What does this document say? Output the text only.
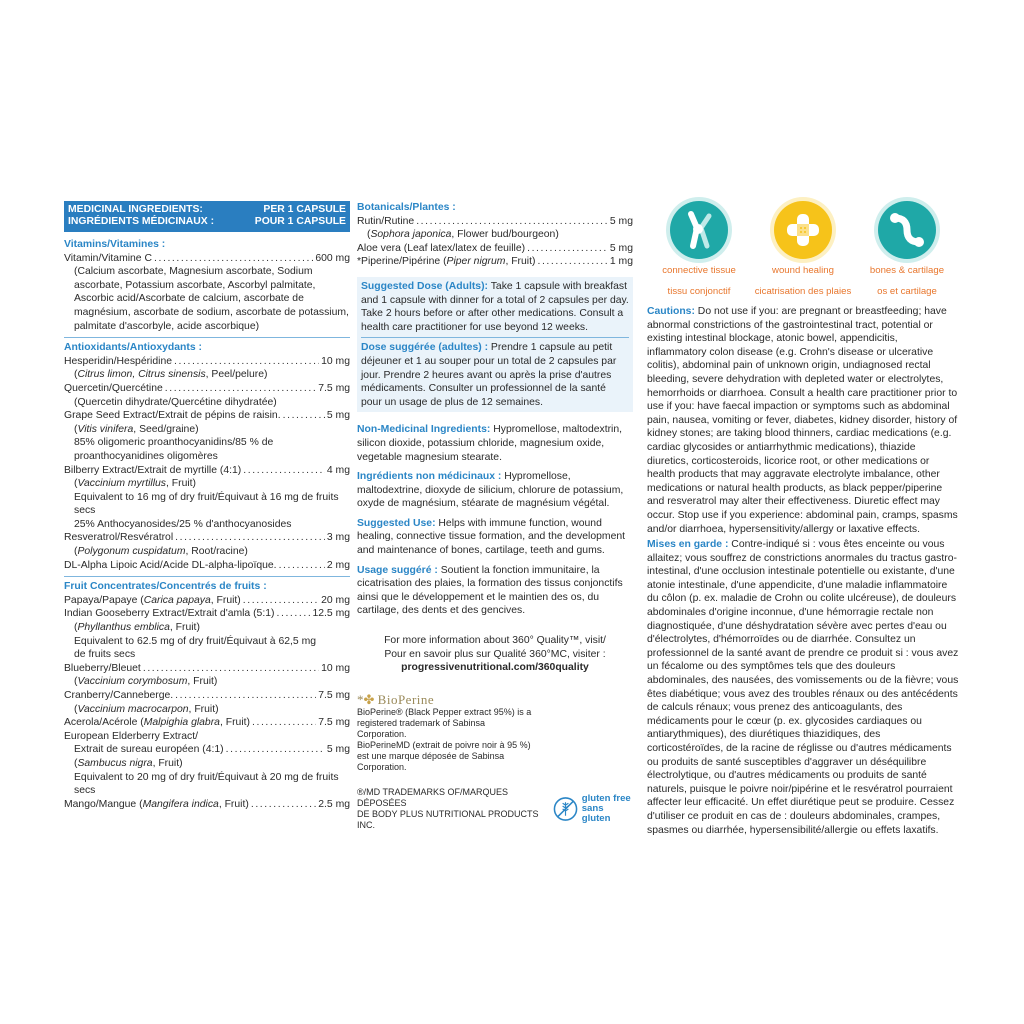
MEDICINAL INGREDIENTS:
INGRÉDIENTS MÉDICINAUX :
PER 1 CAPSULE
POUR 1 CAPSULE
Vitamins/Vitamines :
Vitamin/Vitamine C .....	600 mg
(Calcium ascorbate, Magnesium ascorbate, Sodium ascorbate, Potassium ascorbate, Ascorbyl palmitate, Ascorbic acid/Ascorbate de calcium, ascorbate de magnésium, ascorbate de sodium, ascorbate de potassium, palmitate d'ascorbyle, acide ascorbique)
Antioxidants/Antioxydants :
Hesperidin/Hespéridine .....	10 mg
(Citrus limon, Citrus sinensis, Peel/pelure)
Quercetin/Quercétine .....	7.5 mg
(Quercetin dihydrate/Quercétine dihydratée)
Grape Seed Extract/Extrait de pépins de raisin. .....	5 mg
(Vitis vinifera, Seed/graine)
85% oligomeric proanthocyanidins/85 % de proanthocyanidines oligomères
Bilberry Extract/Extrait de myrtille (4:1) .....	4 mg
(Vaccinium myrtillus, Fruit)
Equivalent to 16 mg of dry fruit/Équivaut à 16 mg de fruits secs
25% Anthocyanosides/25 % d'anthocyanosides
Resveratrol/Resvératrol .....	3 mg
(Polygonum cuspidatum, Root/racine)
DL-Alpha Lipoic Acid/Acide DL-alpha-lipoïque. .....	2 mg
Fruit Concentrates/Concentrés de fruits :
Papaya/Papaye (Carica papaya, Fruit) .....	20 mg
Indian Gooseberry Extract/Extrait d'amla (5:1) .....	12.5 mg
(Phyllanthus emblica, Fruit)
Equivalent to 62.5 mg of dry fruit/Équivaut à 62,5 mg
de fruits secs
Blueberry/Bleuet .....	10 mg
(Vaccinium corymbosum, Fruit)
Cranberry/Canneberge. .....	7.5 mg
(Vaccinium macrocarpon, Fruit)
Acerola/Acérole (Malpighia glabra, Fruit) .....	7.5 mg
European Elderberry Extract/
Extrait de sureau européen (4:1) .....	5 mg
(Sambucus nigra, Fruit)
Equivalent to 20 mg of dry fruit/Équivaut à 20 mg de fruits secs
Mango/Mangue (Mangifera indica, Fruit) .....	2.5 mg
Botanicals/Plantes :
Rutin/Rutine .....	5 mg
(Sophora japonica, Flower bud/bourgeon)
Aloe vera (Leaf latex/latex de feuille) .....	5 mg
*Piperine/Pipérine (Piper nigrum, Fruit) .....	1 mg
Suggested Dose (Adults): Take 1 capsule with breakfast and 1 capsule with dinner for a total of 2 capsules per day. Take 2 hours before or after other medications. Consult a health care practitioner for use beyond 12 weeks.
Dose suggérée (adultes) : Prendre 1 capsule au petit déjeuner et 1 au souper pour un total de 2 capsules par jour. Prendre 2 heures avant ou après la prise d'autres médicaments. Consulter un professionnel de la santé pour un usage de plus de 12 semaines.
Non-Medicinal Ingredients: Hypromellose, maltodextrin, silicon dioxide, potassium chloride, magnesium oxide, vegetable magnesium stearate.
Ingrédients non médicinaux : Hypromellose, maltodextrine, dioxyde de silicium, chlorure de potassium, oxyde de magnésium, stéarate de magnésium végétal.
Suggested Use: Helps with immune function, wound healing, connective tissue formation, and the development and maintenance of bones, cartilage, teeth and gums.
Usage suggéré : Soutient la fonction immunitaire, la cicatrisation des plaies, la formation des tissus conjonctifs ainsi que le développement et le maintien des os, du cartilage, des dents et des gencives.
For more information about 360° Quality™, visit/
Pour en savoir plus sur Qualité 360°MC, visiter :
progressivenutritional.com/360quality
*✤ BioPerine
BioPerine® (Black Pepper extract 95%) is a registered trademark of Sabinsa Corporation.
BioPerineMD (extrait de poivre noir à 95 %) est une marque déposée de Sabinsa Corporation.
®/MD TRADEMARKS OF/MARQUES DÉPOSÉES
DE BODY PLUS NUTRITIONAL PRODUCTS INC.
gluten free
sans gluten
connective tissue
tissu conjonctif
wound healing
cicatrisation des plaies
bones & cartilage
os et cartilage
Cautions: Do not use if you: are pregnant or breastfeeding; have abnormal constrictions of the gastrointestinal tract, potential or existing intestinal blockage, atonic bowel, appendicitis, inflammatory colon disease (e.g. Crohn's disease or ulcerative colitis), abdominal pain of unknown origin, undiagnosed rectal bleeding, severe dehydration with depleted water or electrolytes, hemorrhoids or diarrhoea. Consult a health care practitioner prior to use if you: have faecal impaction or symptoms such as abdominal pain, nausea, vomiting or fever, diabetes, kidney disorder, history of kidney stones; are taking blood thinners, cardiac medications (e.g. cardiac glycosides or antiarrhythmic medications), thiazide diuretics, corticosteroids, licorice root, or other medications or health products that may aggravate electrolyte imbalance, other medications or natural health products, as black pepper/piperine and resveratrol may alter their effectiveness. Diuretic effect may occur. Stop use if you experience: abdominal pain, cramps, spasms and/or diarrhoea, hypersensitivity/allergy or laxative effects.
Mises en garde : Contre-indiqué si : vous êtes enceinte ou vous allaitez; vous souffrez de constrictions anormales du tractus gastro-intestinal, d'une occlusion intestinale potentielle ou existante, d'une atonie intestinale, d'une appendicite, d'une maladie inflammatoire du côlon (p. ex. maladie de Crohn ou colite ulcéreuse), de douleurs abdominales d'origine inconnue, d'une hémorragie rectale non diagnostiquée, d'une déshydratation sévère avec pertes d'eau ou d'électrolytes, d'hémorroïdes ou de diarrhée. Consultez un professionnel de la santé avant de prendre ce produit si : vous avez un fécalome ou des symptômes tels que des douleurs abdominales, des nausées, des vomissements ou de la fièvre; vous êtes diabétique; vous avez des troubles rénaux ou des antécédents de calculs rénaux; vous prenez des anticoagulants, des médicaments pour le cœur (p. ex. glycosides cardiaques ou antiarythmiques), des diurétiques thiazidiques, des corticostéroïdes, de la racine de réglisse ou d'autres médicaments ou produits de santé susceptibles d'aggraver un déséquilibre électrolytique, ou d'autres médicaments ou produits de santé naturels, puisque le poivre noir/pipérine et le resvératrol pourraient affecter leur efficacité. Un effet diurétique peut se produire. Cessez d'utiliser ce produit en cas de : douleurs abdominales, crampes, spasmes ou diarrhée, hypersensibilité/allergie ou effets laxatifs.
